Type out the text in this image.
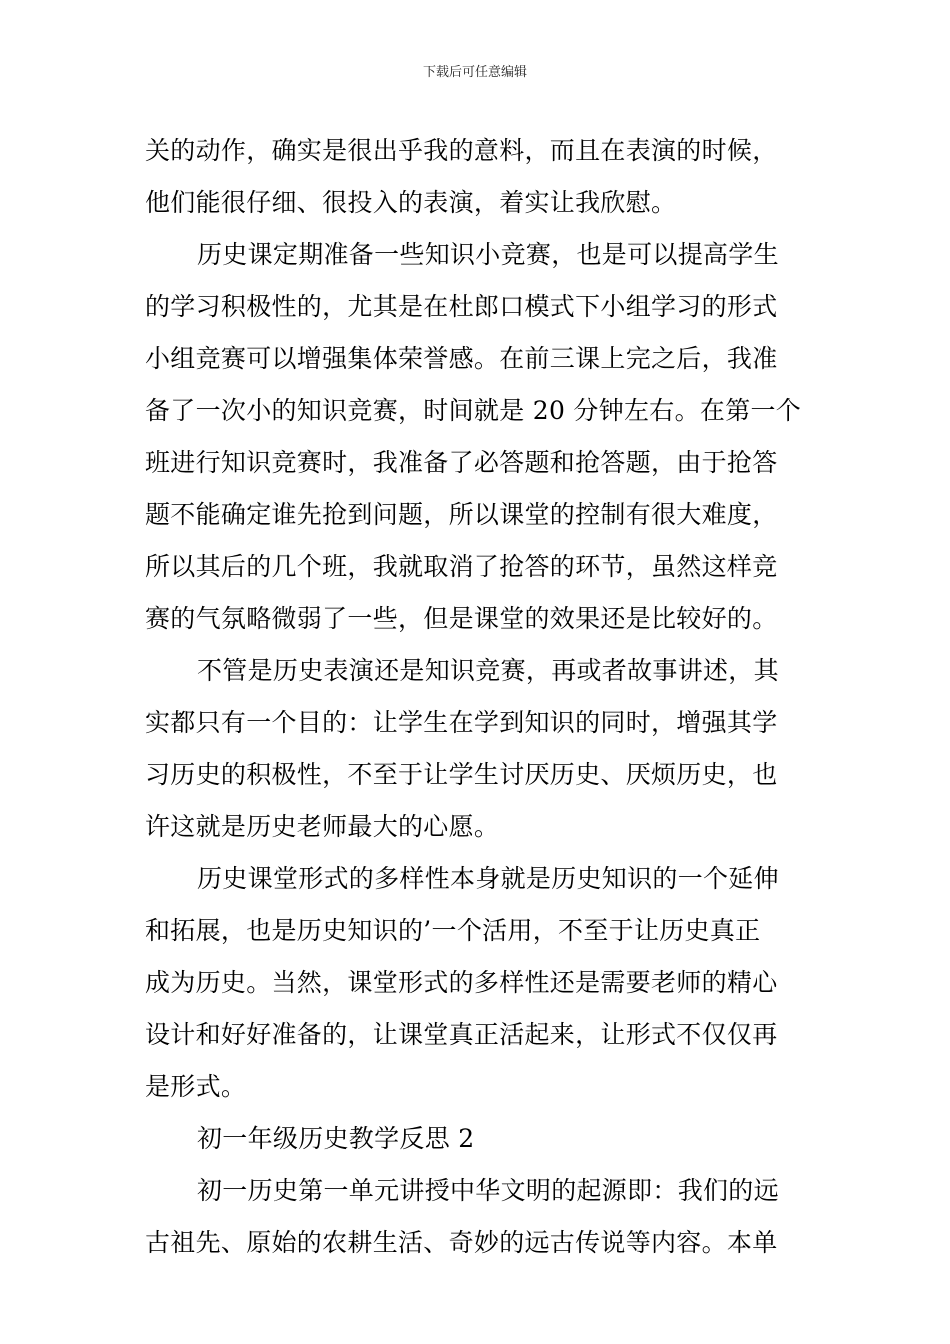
下载后可任意编辑
关的动作，确实是很出乎我的意料，而且在表演的时候，
他们能很仔细、很投入的表演，着实让我欣慰。
历史课定期准备一些知识小竞赛，也是可以提高学生
的学习积极性的，尤其是在杜郎口模式下小组学习的形式
小组竞赛可以增强集体荣誉感。在前三课上完之后，我准
备了一次小的知识竞赛，时间就是 20 分钟左右。在第一个
班进行知识竞赛时，我准备了必答题和抢答题，由于抢答
题不能确定谁先抢到问题，所以课堂的控制有很大难度，
所以其后的几个班，我就取消了抢答的环节，虽然这样竞
赛的气氛略微弱了一些，但是课堂的效果还是比较好的。
不管是历史表演还是知识竞赛，再或者故事讲述，其
实都只有一个目的：让学生在学到知识的同时，增强其学
习历史的积极性，不至于让学生讨厌历史、厌烦历史，也
许这就是历史老师最大的心愿。
历史课堂形式的多样性本身就是历史知识的一个延伸
和拓展，也是历史知识的’一个活用，不至于让历史真正
成为历史。当然，课堂形式的多样性还是需要老师的精心
设计和好好准备的，让课堂真正活起来，让形式不仅仅再
是形式。
初一年级历史教学反思 2
初一历史第一单元讲授中华文明的起源即：我们的远
古祖先、原始的农耕生活、奇妙的远古传说等内容。本单
